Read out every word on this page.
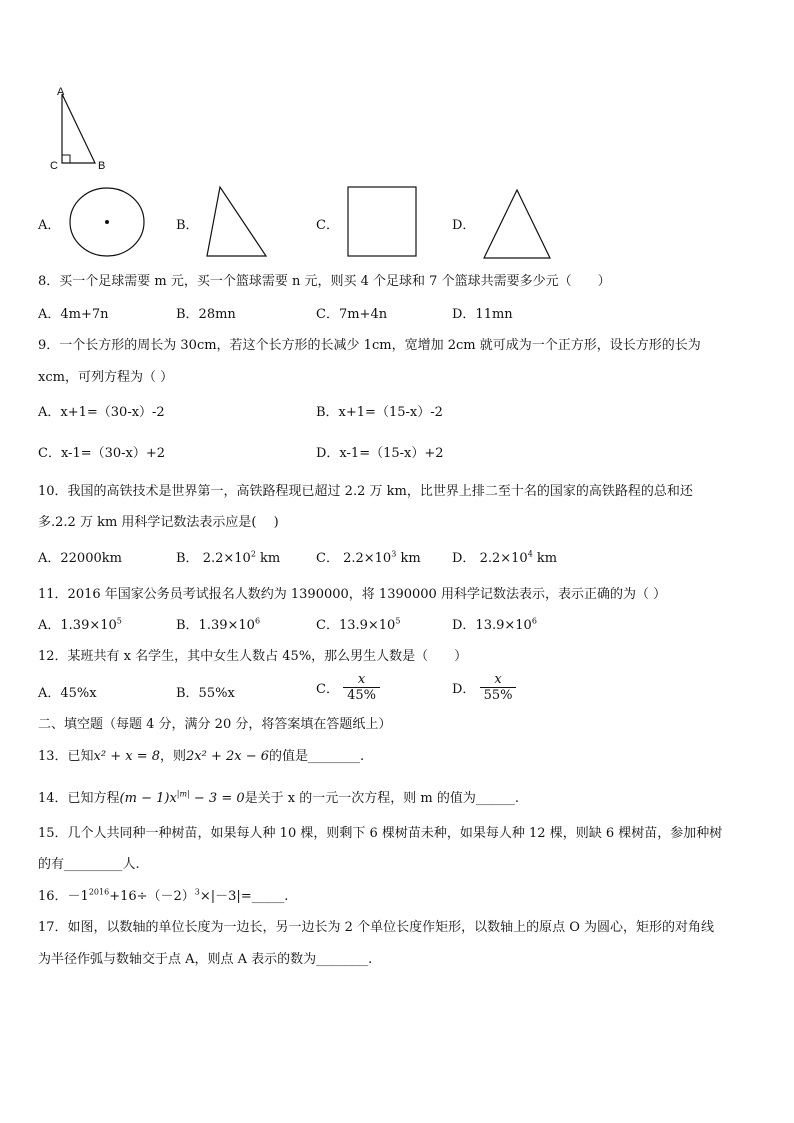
A
C	B
A．	B．	C．	D．
8．买一个足球需要 m 元，买一个篮球需要 n 元，则买 4 个足球和 7 个篮球共需要多少元（　　）
A．4m+7n	B．28mn	C．7m+4n	D．11mn
9．一个长方形的周长为 30cm，若这个长方形的长减少 1cm，宽增加 2cm 就可成为一个正方形，设长方形的长为
xcm，可列方程为（ ）
A．x+1=（30-x）-2	B．x+1=（15-x）-2
C．x-1=（30-x）+2	D．x-1=（15-x）+2
10．我国的高铁技术是世界第一，高铁路程现已超过 2.2 万 km，比世界上排二至十名的国家的高铁路程的总和还
多.2.2 万 km 用科学记数法表示应是(　 )
A．22000km	B． $2.2\times 10^2$ km	C． $2.2\times 10^3$ km D． $2.2\times 10^4$ km
11．2016 年国家公务员考试报名人数约为 1390000，将 1390000 用科学记数法表示，表示正确的为（ ）
A．$1.39\times 10^5$	B．$1.39\times 10^6$	C．$13.9\times 10^5$	D．$13.9\times 10^6$
12．某班共有 x 名学生，其中女生人数占 45%，那么男生人数是（　　）
A．45%x	B．55%x	C． $\frac{x}{45\%}$	D． $\frac{x}{55\%}$
二、填空题（每题 4 分，满分 20 分，将答案填在答题纸上）
13．已知x² + x = 8，则2x² + 2x − 6的值是________.
14．已知方程$(m - 1)x^{|m|} - 3 = 0$是关于 x 的一元一次方程，则 m 的值为______.
15．几个人共同种一种树苗，如果每人种 10 棵，则剩下 6 棵树苗未种，如果每人种 12 棵，则缺 6 棵树苗，参加种树
的有_________人.
16．$-1^{2016}+16\div(-2)^3\times|-3|=\_\_\_\_\_$.
17．如图，以数轴的单位长度为一边长，另一边长为 2 个单位长度作矩形，以数轴上的原点 O 为圆心，矩形的对角线
为半径作弧与数轴交于点 A，则点 A 表示的数为________.
